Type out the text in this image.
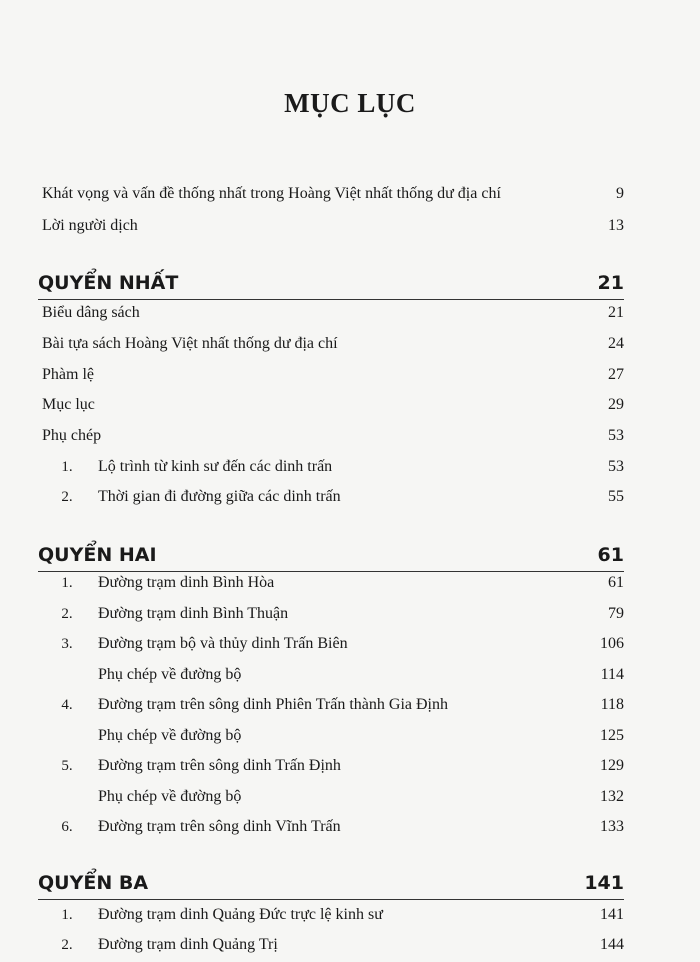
MỤC LỤC
Khát vọng và vấn đề thống nhất trong Hoàng Việt nhất thống dư địa chí	9
Lời người dịch	13
QUYỂN NHẤT	21
Biểu dâng sách	21
Bài tựa sách Hoàng Việt nhất thống dư địa chí	24
Phàm lệ	27
Mục lục	29
Phụ chép	53
1.	Lộ trình từ kinh sư đến các dinh trấn	53
2.	Thời gian đi đường giữa các dinh trấn	55
QUYỂN HAI	61
1.	Đường trạm dinh Bình Hòa	61
2.	Đường trạm dinh Bình Thuận	79
3.	Đường trạm bộ và thủy dinh Trấn Biên	106
Phụ chép về đường bộ	114
4.	Đường trạm trên sông dinh Phiên Trấn thành Gia Định	118
Phụ chép về đường bộ	125
5.	Đường trạm trên sông dinh Trấn Định	129
Phụ chép về đường bộ	132
6.	Đường trạm trên sông dinh Vĩnh Trấn	133
QUYỂN BA	141
1.	Đường trạm dinh Quảng Đức trực lệ kinh sư	141
2.	Đường trạm dinh Quảng Trị	144
